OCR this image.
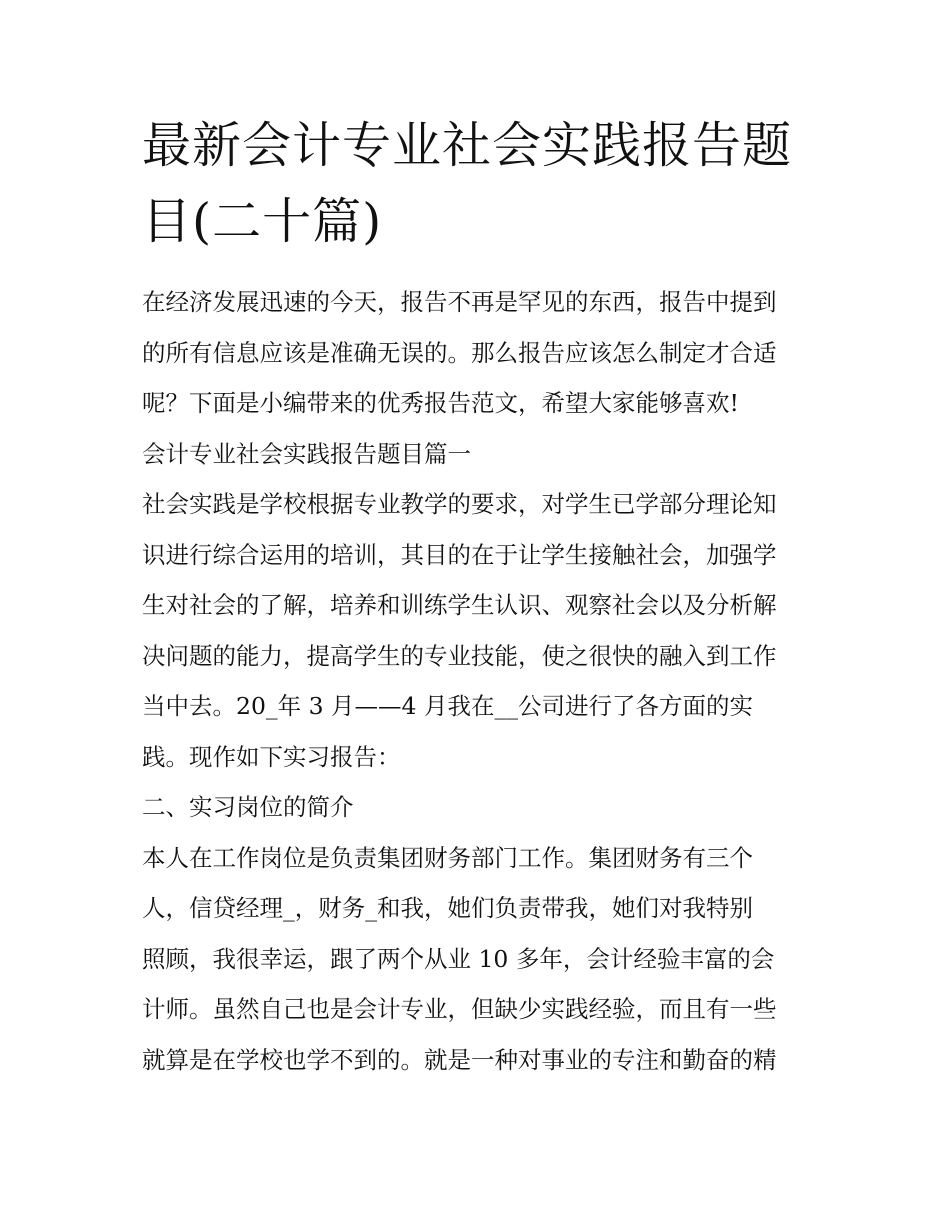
最新会计专业社会实践报告题
目(二十篇)
在经济发展迅速的今天，报告不再是罕见的东西，报告中提到
的所有信息应该是准确无误的。那么报告应该怎么制定才合适
呢？下面是小编带来的优秀报告范文，希望大家能够喜欢!
会计专业社会实践报告题目篇一
社会实践是学校根据专业教学的要求，对学生已学部分理论知
识进行综合运用的培训，其目的在于让学生接触社会，加强学
生对社会的了解，培养和训练学生认识、观察社会以及分析解
决问题的能力，提高学生的专业技能，使之很快的融入到工作
当中去。20_年 3 月——4 月我在__公司进行了各方面的实
践。现作如下实习报告：
二、实习岗位的简介
本人在工作岗位是负责集团财务部门工作。集团财务有三个
人，信贷经理_，财务_和我，她们负责带我，她们对我特别
照顾，我很幸运，跟了两个从业 10 多年，会计经验丰富的会
计师。虽然自己也是会计专业，但缺少实践经验，而且有一些
就算是在学校也学不到的。就是一种对事业的专注和勤奋的精
